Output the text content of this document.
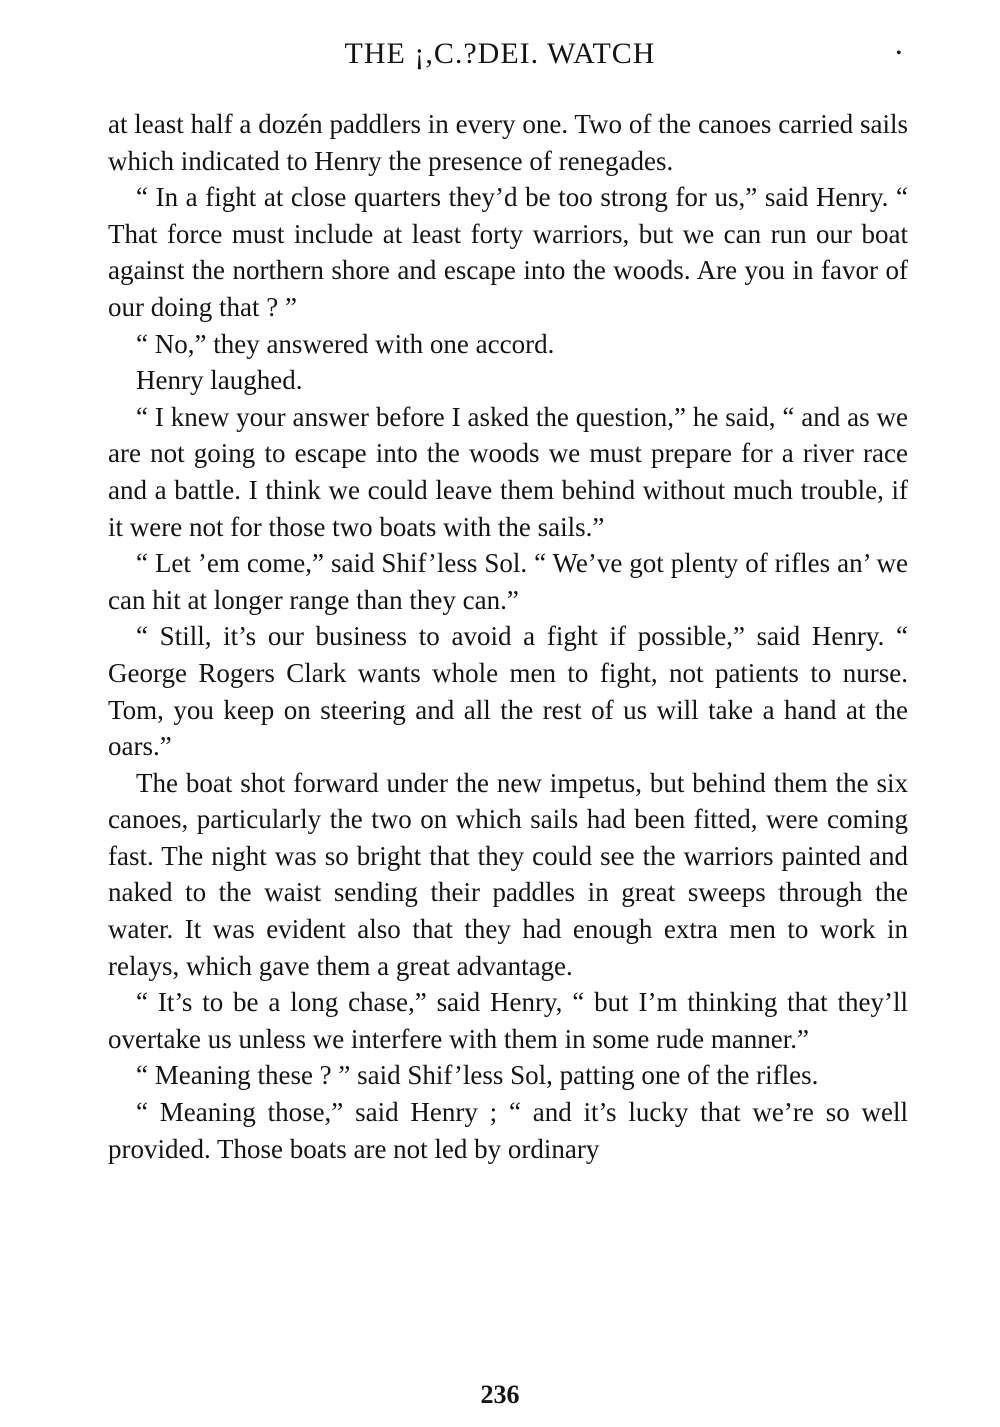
THE ¡,C.?DEI. WATCH	•

at least half a dozén paddlers in every one. Two of the canoes carried sails which indicated to Henry the presence of renegades.

“ In a fight at close quarters they’d be too strong for us,” said Henry. “ That force must include at least forty warriors, but we can run our boat against the northern shore and escape into the woods. Are you in favor of our doing that ? ”

“ No,” they answered with one accord.

Henry laughed.

“ I knew your answer before I asked the question,” he said, “ and as we are not going to escape into the woods we must prepare for a river race and a battle. I think we could leave them behind without much trouble, if it were not for those two boats with the sails.”

“ Let ’em come,” said Shif’less Sol. “ We’ve got plenty of rifles an’ we can hit at longer range than they can.”

“ Still, it’s our business to avoid a fight if possible,” said Henry. “ George Rogers Clark wants whole men to fight, not patients to nurse. Tom, you keep on steering and all the rest of us will take a hand at the oars.”

The boat shot forward under the new impetus, but behind them the six canoes, particularly the two on which sails had been fitted, were coming fast. The night was so bright that they could see the warriors painted and naked to the waist sending their paddles in great sweeps through the water. It was evident also that they had enough extra men to work in relays, which gave them a great advantage.

“ It’s to be a long chase,” said Henry, “ but I’m thinking that they’ll overtake us unless we interfere with them in some rude manner.”

“ Meaning these ? ” said Shif’less Sol, patting one of the rifles.

“ Meaning those,” said Henry ; “ and it’s lucky that we’re so well provided. Those boats are not led by ordinary

236
